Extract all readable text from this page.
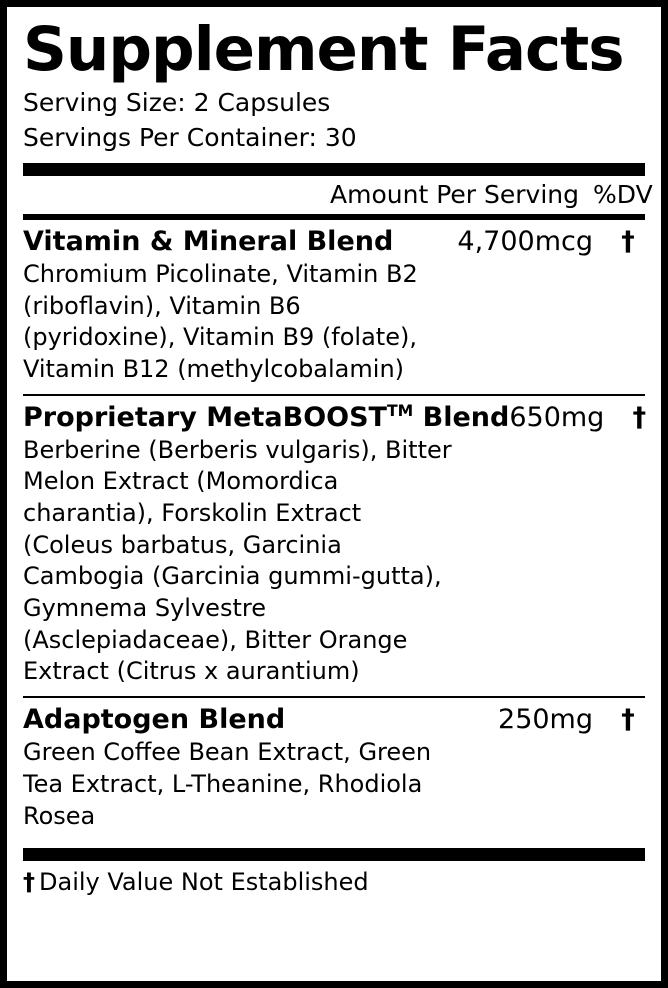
Supplement Facts
Serving Size: 2 Capsules
Servings Per Container: 30
Amount Per Serving %DV
Vitamin & Mineral Blend	4,700mcg	†
Chromium Picolinate, Vitamin B2 (riboflavin), Vitamin B6 (pyridoxine), Vitamin B9 (folate), Vitamin B12 (methylcobalamin)
Proprietary MetaBOOST™ Blend 650mg	†
Berberine (Berberis vulgaris), Bitter Melon Extract (Momordica charantia), Forskolin Extract (Coleus barbatus, Garcinia Cambogia (Garcinia gummi-gutta), Gymnema Sylvestre (Asclepiadaceae), Bitter Orange Extract (Citrus x aurantium)
Adaptogen Blend	250mg	†
Green Coffee Bean Extract, Green Tea Extract, L-Theanine, Rhodiola Rosea
† Daily Value Not Established
